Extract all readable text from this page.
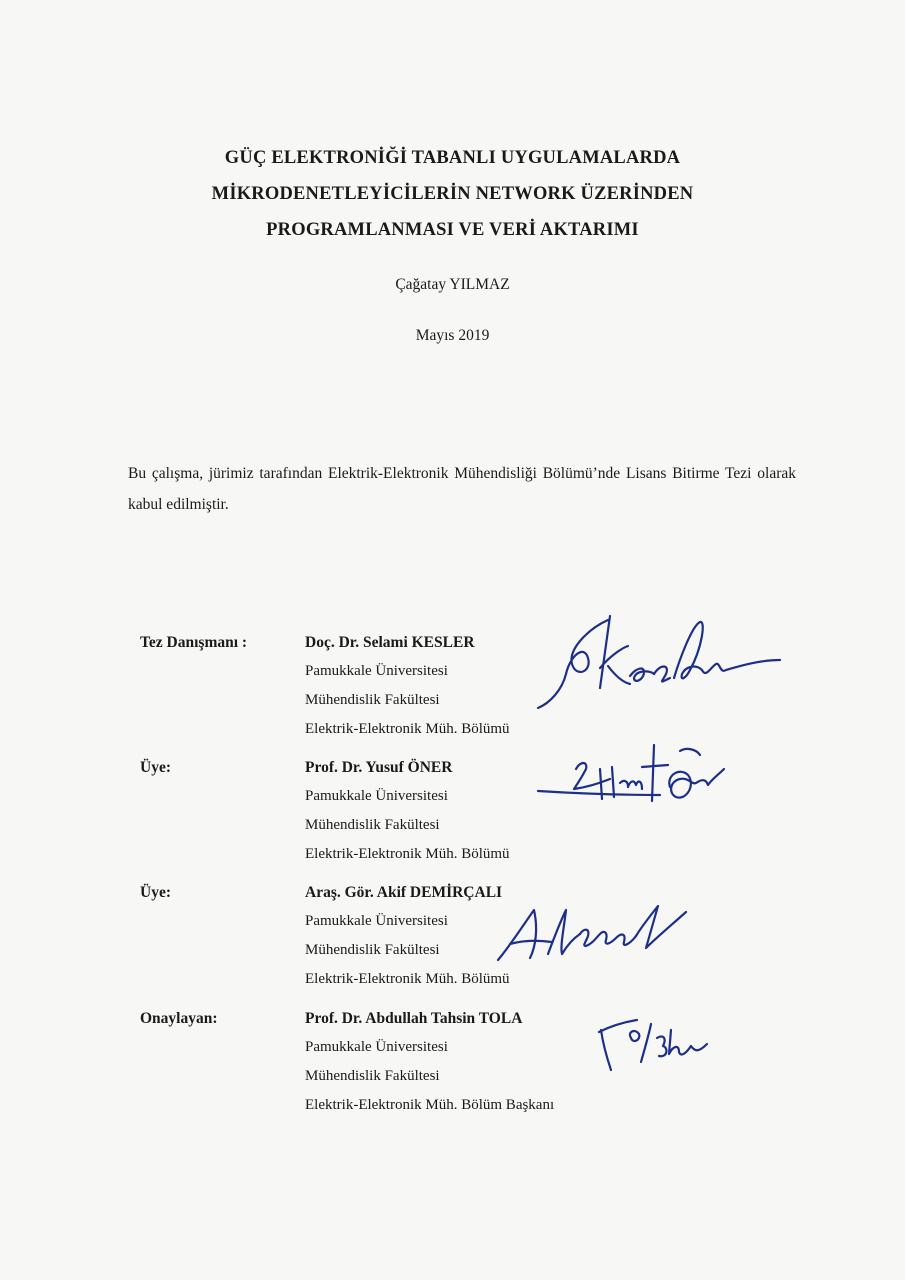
GÜÇ ELEKTRONİĞİ TABANLI UYGULAMALARDA

MİKRODENETLEYİCİLERİN NETWORK ÜZERİNDEN

PROGRAMLANMASI VE VERİ AKTARIMI

Çağatay YILMAZ
Mayıs 2019
Bu çalışma, jürimiz tarafından Elektrik-Elektronik Mühendisliği Bölümü’nde Lisans Bitirme Tezi olarak kabul edilmiştir.
Tez Danışmanı :	Doç. Dr. Selami KESLER
Pamukkale Üniversitesi
Mühendislik Fakültesi
Elektrik-Elektronik Müh. Bölümü
Üye:	Prof. Dr. Yusuf ÖNER
Pamukkale Üniversitesi
Mühendislik Fakültesi
Elektrik-Elektronik Müh. Bölümü
Üye:	Araş. Gör. Akif DEMİRÇALI
Pamukkale Üniversitesi
Mühendislik Fakültesi
Elektrik-Elektronik Müh. Bölümü
Onaylayan:	Prof. Dr. Abdullah Tahsin TOLA
Pamukkale Üniversitesi
Mühendislik Fakültesi
Elektrik-Elektronik Müh. Bölüm Başkanı
